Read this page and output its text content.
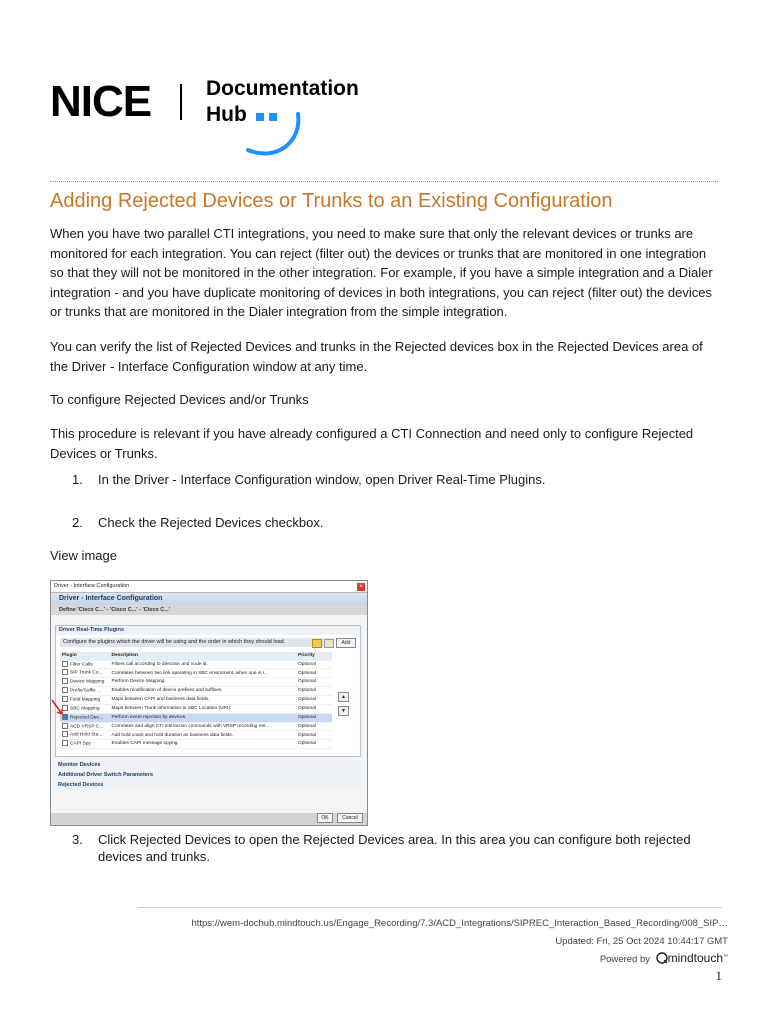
NICE	Documentation
Hub
Adding Rejected Devices or Trunks to an Existing Configuration
When you have two parallel CTI integrations, you need to make sure that only the relevant devices or trunks are monitored for each integration. You can reject (filter out) the devices or trunks that are monitored in one integration so that they will not be monitored in the other integration. For example, if you have a simple integration and a Dialer integration - and you have duplicate monitoring of devices in both integrations, you can reject (filter out) the devices or trunks that are monitored in the Dialer integration from the simple integration.
You can verify the list of Rejected Devices and trunks in the Rejected devices box in the Rejected Devices area of the Driver - Interface Configuration window at any time.
To configure Rejected Devices and/or Trunks
This procedure is relevant if you have already configured a CTI Connection and need only to configure Rejected Devices or Trunks.
1.	In the Driver - Interface Configuration window, open Driver Real-Time Plugins.
2.	Check the Rejected Devices checkbox.
View image
Driver - Interface Configuration	×
Driver - Interface Configuration
Define 'Cisco C...' - 'Cisco C...' - 'Cisco C...'
Driver Real-Time Plugins
Configure the plugins which the driver will be using and the order in which they should load.	Add
Plugin	Description	Priority
Filter Calls	Filters call according to direction and node id.	Optional
SIP Trunk Co...	Correlates between two link operating in SBC enviroment, when one is r...	Optional
Device Mapping	Perform Device Mapping.	Optional
Prefix/Suffix ...	Enables modification of device prefixes and suffixes.	Optional
Field Mapping	Maps between CAPI and business data fields.	Optional
SBC Mapping	Maps between Trunk information to SBC Location (URI).	Optional
Rejected Dev...	Perform event rejection by devices.	Optional
ACD VRSP C...	Correlates and align CTI interaction commands with VRSP recording res...	Optional
Add Hold Sta...	Add hold count and hold duration as business data fields.	Optional
CAPI Spy	Enables CAPI message spying.	Optional
▲
▼
Monitor Devices
Additional Driver Switch Parameters
Rejected Devices
OK	Cancel
3.	Click Rejected Devices to open the Rejected Devices area. In this area you can configure both rejected devices and trunks.
https://wem-dochub.mindtouch.us/Engage_Recording/7.3/ACD_Integrations/SIPREC_Interaction_Based_Recording/008_SIP…
Updated: Fri, 25 Oct 2024 10:44:17 GMT
Powered by mindtouch™
1
